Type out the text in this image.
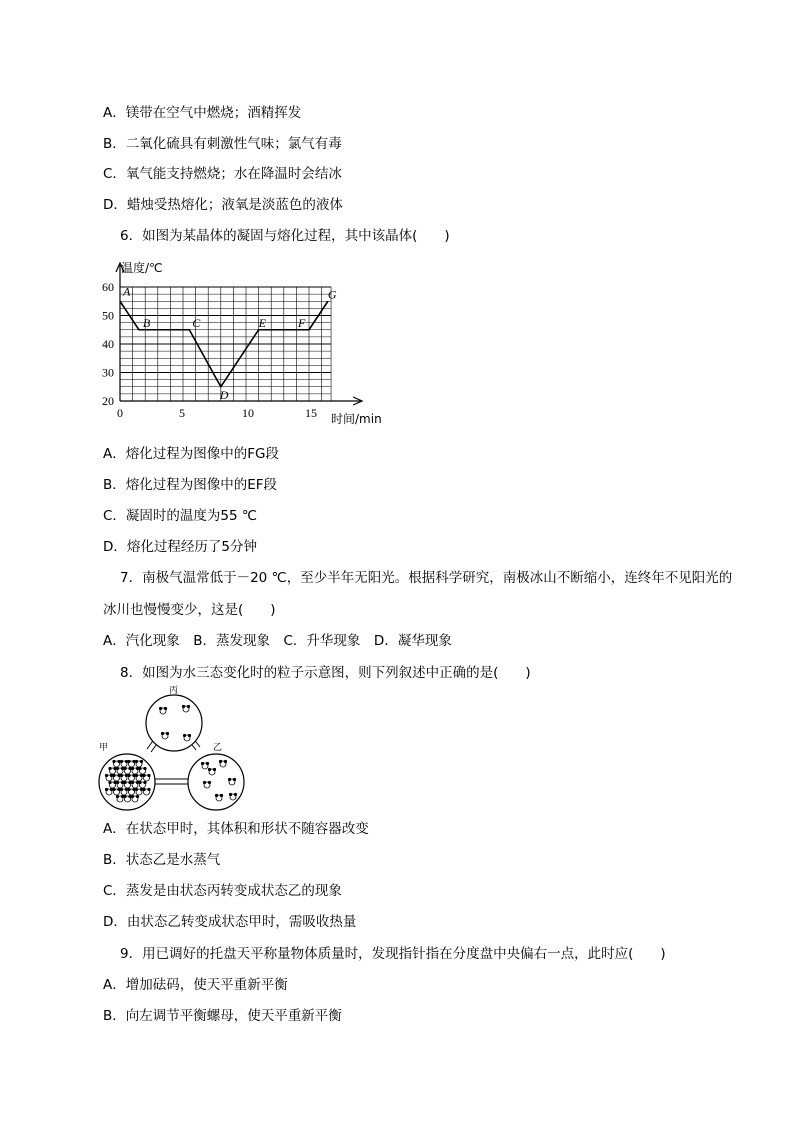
A．镁带在空气中燃烧；酒精挥发
B．二氧化硫具有刺激性气味；氯气有毒
C．氧气能支持燃烧；水在降温时会结冰
D．蜡烛受热熔化；液氧是淡蓝色的液体
6．如图为某晶体的凝固与熔化过程，其中该晶体(　　)
0	5	10	15
20
30
40
50
60 A
B	C
D
E	F
G
温度/℃
时间/min
A．熔化过程为图像中的FG段
B．熔化过程为图像中的EF段
C．凝固时的温度为55 ℃
D．熔化过程经历了5分钟
7．南极气温常低于－20 ℃，至少半年无阳光。根据科学研究，南极冰山不断缩小，连终年不见阳光的
冰川也慢慢变少，这是(　　)
A．汽化现象　B．蒸发现象　C．升华现象　D．凝华现象
8．如图为水三态变化时的粒子示意图，则下列叙述中正确的是(　　)
丙
甲	乙
A．在状态甲时，其体积和形状不随容器改变
B．状态乙是水蒸气
C．蒸发是由状态丙转变成状态乙的现象
D．由状态乙转变成状态甲时，需吸收热量
9．用已调好的托盘天平称量物体质量时，发现指针指在分度盘中央偏右一点，此时应(　　)
A．增加砝码，使天平重新平衡
B．向左调节平衡螺母，使天平重新平衡
